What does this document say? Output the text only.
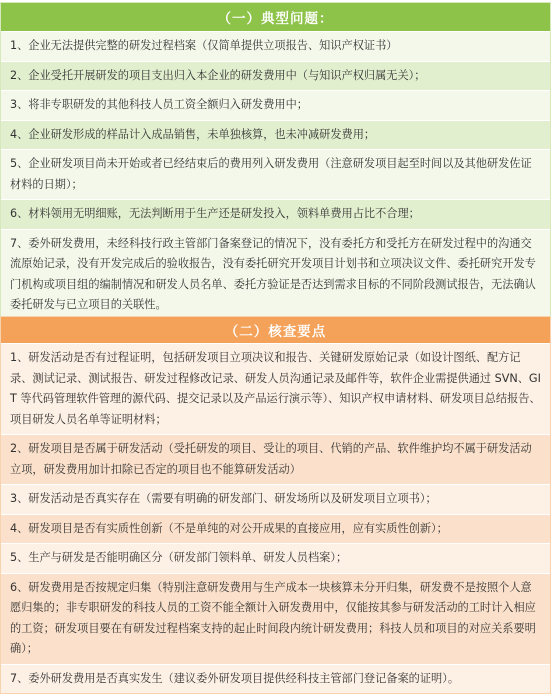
（一）典型问题：
1、企业无法提供完整的研发过程档案（仅简单提供立项报告、知识产权证书）
2、企业受托开展研发的项目支出归入本企业的研发费用中（与知识产权归属无关）；
3、将非专职研发的其他科技人员工资全额归入研发费用中；
4、企业研发形成的样品计入成品销售，未单独核算，也未冲减研发费用；
5、企业研发项目尚未开始或者已经结束后的费用列入研发费用（注意研发项目起至时间以及其他研发佐证材料的日期）；
6、材料领用无明细账，无法判断用于生产还是研发投入，领料单费用占比不合理；
7、委外研发费用，未经科技行政主管部门备案登记的情况下，没有委托方和受托方在研发过程中的沟通交流原始记录，没有开发完成后的验收报告，没有委托研究开发项目计划书和立项决议文件、委托研究开发专门机构或项目组的编制情况和研发人员名单、委托方验证是否达到需求目标的不同阶段测试报告，无法确认委托研发与已立项目的关联性。
（二）核查要点
1、研发活动是否有过程证明，包括研发项目立项决议和报告、关键研发原始记录（如设计图纸、配方记录、测试记录、测试报告、研发过程修改记录、研发人员沟通记录及邮件等，软件企业需提供通过 SVN、GIT 等代码管理软件管理的源代码、提交记录以及产品运行演示等）、知识产权申请材料、研发项目总结报告、项目研发人员名单等证明材料；
2、研发项目是否属于研发活动（受托研发的项目、受让的项目、代销的产品、软件维护均不属于研发活动立项，研发费用加计扣除已否定的项目也不能算研发活动）
3、研发活动是否真实存在（需要有明确的研发部门、研发场所以及研发项目立项书）；
4、研发项目是否有实质性创新（不是单纯的对公开成果的直接应用，应有实质性创新）；
5、生产与研发是否能明确区分（研发部门领料单、研发人员档案）；
6、研发费用是否按规定归集（特别注意研发费用与生产成本一块核算未分开归集，研发费不是按照个人意愿归集的；非专职研发的科技人员的工资不能全额计入研发费用中，仅能按其参与研发活动的工时计入相应的工资；研发项目要在有研发过程档案支持的起止时间段内统计研发费用；科技人员和项目的对应关系要明确）；
7、委外研发费用是否真实发生（建议委外研发项目提供经科技主管部门登记备案的证明）。
